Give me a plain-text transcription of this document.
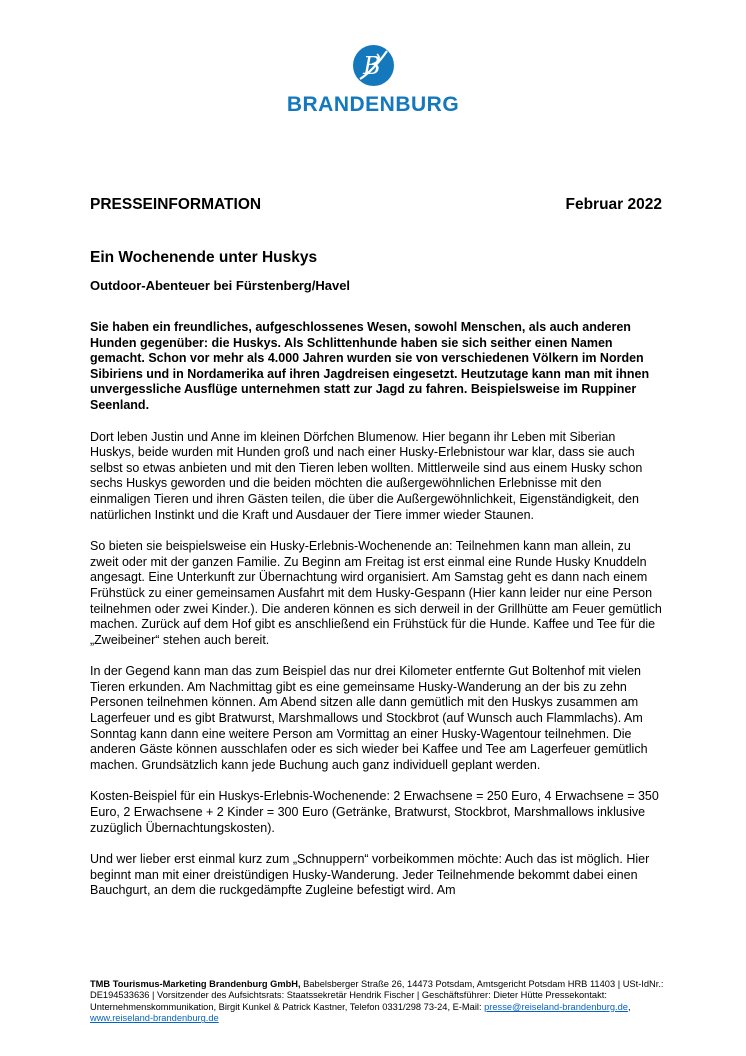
B
BRANDENBURG
PRESSEINFORMATION	Februar 2022
Ein Wochenende unter Huskys
Outdoor-Abenteuer bei Fürstenberg/Havel

Sie haben ein freundliches, aufgeschlossenes Wesen, sowohl Menschen, als auch anderen Hunden gegenüber: die Huskys. Als Schlittenhunde haben sie sich seither einen Namen gemacht. Schon vor mehr als 4.000 Jahren wurden sie von verschiedenen Völkern im Norden Sibiriens und in Nordamerika auf ihren Jagdreisen eingesetzt. Heutzutage kann man mit ihnen unvergessliche Ausflüge unternehmen statt zur Jagd zu fahren. Beispielsweise im Ruppiner Seenland.

Dort leben Justin und Anne im kleinen Dörfchen Blumenow. Hier begann ihr Leben mit Siberian Huskys, beide wurden mit Hunden groß und nach einer Husky-Erlebnistour war klar, dass sie auch selbst so etwas anbieten und mit den Tieren leben wollten. Mittlerweile sind aus einem Husky schon sechs Huskys geworden und die beiden möchten die außergewöhnlichen Erlebnisse mit den einmaligen Tieren und ihren Gästen teilen, die über die Außergewöhnlichkeit, Eigenständigkeit, den natürlichen Instinkt und die Kraft und Ausdauer der Tiere immer wieder Staunen.

So bieten sie beispielsweise ein Husky-Erlebnis-Wochenende an: Teilnehmen kann man allein, zu zweit oder mit der ganzen Familie. Zu Beginn am Freitag ist erst einmal eine Runde Husky Knuddeln angesagt. Eine Unterkunft zur Übernachtung wird organisiert. Am Samstag geht es dann nach einem Frühstück zu einer gemeinsamen Ausfahrt mit dem Husky-Gespann (Hier kann leider nur eine Person teilnehmen oder zwei Kinder.). Die anderen können es sich derweil in der Grillhütte am Feuer gemütlich machen. Zurück auf dem Hof gibt es anschließend ein Frühstück für die Hunde. Kaffee und Tee für die „Zweibeiner“ stehen auch bereit.

In der Gegend kann man das zum Beispiel das nur drei Kilometer entfernte Gut Boltenhof mit vielen Tieren erkunden. Am Nachmittag gibt es eine gemeinsame Husky-Wanderung an der bis zu zehn Personen teilnehmen können. Am Abend sitzen alle dann gemütlich mit den Huskys zusammen am Lagerfeuer und es gibt Bratwurst, Marshmallows und Stockbrot (auf Wunsch auch Flammlachs). Am Sonntag kann dann eine weitere Person am Vormittag an einer Husky-Wagentour teilnehmen. Die anderen Gäste können ausschlafen oder es sich wieder bei Kaffee und Tee am Lagerfeuer gemütlich machen. Grundsätzlich kann jede Buchung auch ganz individuell geplant werden.

Kosten-Beispiel für ein Huskys-Erlebnis-Wochenende: 2 Erwachsene = 250 Euro, 4 Erwachsene = 350 Euro, 2 Erwachsene + 2 Kinder = 300 Euro (Getränke, Bratwurst, Stockbrot, Marshmallows inklusive zuzüglich Übernachtungskosten).

Und wer lieber erst einmal kurz zum „Schnuppern“ vorbeikommen möchte: Auch das ist möglich. Hier beginnt man mit einer dreistündigen Husky-Wanderung. Jeder Teilnehmende bekommt dabei einen Bauchgurt, an dem die ruckgedämpfte Zugleine befestigt wird. Am

TMB Tourismus-Marketing Brandenburg GmbH, Babelsberger Straße 26, 14473 Potsdam, Amtsgericht Potsdam HRB 11403 | USt-IdNr.: DE194533636 | Vorsitzender des Aufsichtsrats: Staatssekretär Hendrik Fischer | Geschäftsführer: Dieter Hütte Pressekontakt: Unternehmenskommunikation, Birgit Kunkel & Patrick Kastner, Telefon 0331/298 73-24, E-Mail: presse@reiseland-brandenburg.de, www.reiseland-brandenburg.de
